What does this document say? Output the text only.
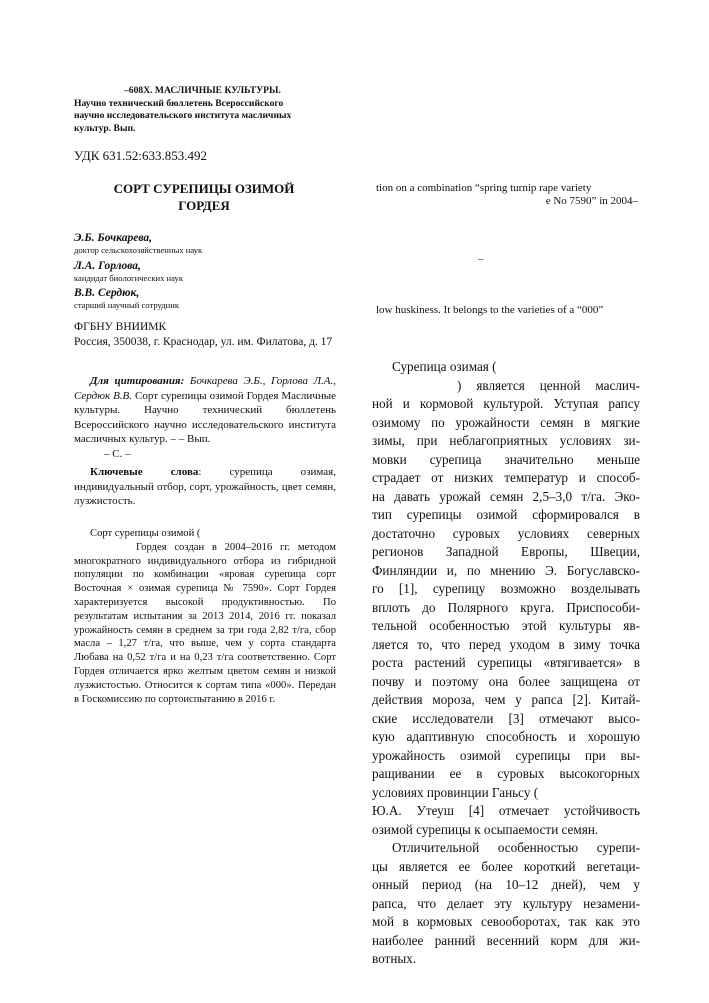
–608Х. МАСЛИЧНЫЕ КУЛЬТУРЫ.
Научно технический бюллетень Всероссийского
научно исследовательского института масличных
культур. Вып.
УДК 631.52:633.853.492
СОРТ СУРЕПИЦЫ ОЗИМОЙ
ГОРДЕЯ
Э.Б. Бочкарева,
доктор сельскохозяйственных наук
Л.А. Горлова,
кандидат биологических наук
В.В. Сердюк,
старший научный сотрудник
ФГБНУ ВНИИМК
Россия, 350038, г. Краснодар, ул. им. Филатова, д. 17

Для цитирования: Бочкарева Э.Б., Горлова Л.А., Сердюк В.В. Сорт сурепицы озимой Гордея Масличные культуры. Научно технический бюллетень Всероссийского научно исследовательского института масличных культур. – – Вып.
– С. –

Ключевые слова: сурепица озимая, индивидуальный отбор, сорт, урожайность, цвет семян, лузжистость.

Сорт сурепицы озимой (
Гордея создан в 2004–2016 гг. методом многократного индивидуального отбора из гибридной популяции по комбинации «яровая сурепица сорт Восточная × озимая сурепица № 7590». Сорт Гордея характеризуется высокой продуктивностью. По результатам испытания за 2013 2014, 2016 гг. показал урожайность семян в среднем за три года 2,82 т/га, сбор масла – 1,27 т/га, что выше, чем у сорта стандарта Любава на 0,52 т/га и на 0,23 т/га соответственно. Сорт Гордея отличается ярко желтым цветом семян и низкой лузжистостью. Относится к сортам типа «000». Передан в Госкомиссию по сортоиспытанию в 2016 г.
tion on a combination “spring turnip rape variety
e No 7590” in 2004–
–
low huskiness. It belongs to the varieties of a “000”
Сурепица озимая (
) является ценной маслич-
ной и кормовой культурой. Уступая рапсу
озимому по урожайности семян в мягкие
зимы, при неблагоприятных условиях зи-
мовки сурепица значительно меньше
страдает от низких температур и способ-
на давать урожай семян 2,5–3,0 т/га. Эко-
тип сурепицы озимой сформировался в
достаточно суровых условиях северных
регионов Западной Европы, Швеции,
Финляндии и, по мнению Э. Богуславско-
го [1], сурепицу возможно возделывать
вплоть до Полярного круга. Приспособи-
тельной особенностью этой культуры яв-
ляется то, что перед уходом в зиму точка
роста растений сурепицы «втягивается» в
почву и поэтому она более защищена от
действия мороза, чем у рапса [2]. Китай-
ские исследователи [3] отмечают высо-
кую адаптивную способность и хорошую
урожайность озимой сурепицы при вы-
ращивании ее в суровых высокогорных
условиях провинции Ганьсу (
Ю.А. Утеуш [4] отмечает устойчивость
озимой сурепицы к осыпаемости семян.
Отличительной особенностью сурепи-
цы является ее более короткий вегетаци-
онный период (на 10–12 дней), чем у
рапса, что делает эту культуру незамени-
мой в кормовых севооборотах, так как это
наиболее ранний весенний корм для жи-
вотных.
